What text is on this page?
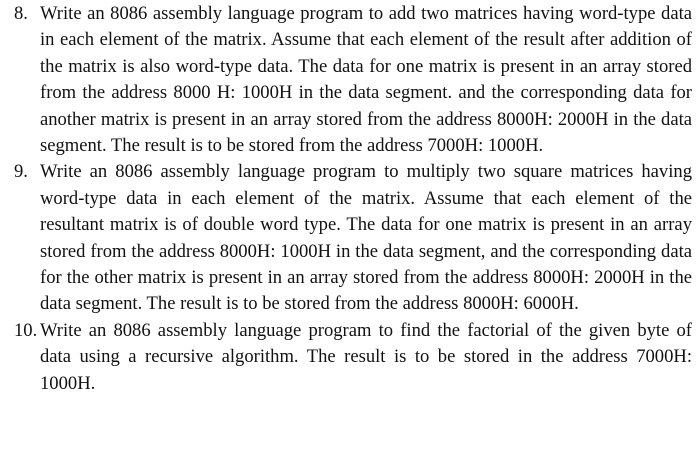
8. Write an 8086 assembly language program to add two matrices having word-type data in each element of the matrix. Assume that each element of the result after addition of the matrix is also word-type data. The data for one matrix is present in an array stored from the address 8000 H: 1000H in the data segment. and the corresponding data for another matrix is present in an array stored from the address 8000H: 2000H in the data segment. The result is to be stored from the address 7000H: 1000H.

9. Write an 8086 assembly language program to multiply two square matrices having word-type data in each element of the matrix. Assume that each element of the resultant matrix is of double word type. The data for one matrix is present in an array stored from the address 8000H: 1000H in the data segment, and the corresponding data for the other matrix is present in an array stored from the address 8000H: 2000H in the data segment. The result is to be stored from the address 8000H: 6000H.

10. Write an 8086 assembly language program to find the factorial of the given byte of data using a recursive algorithm. The result is to be stored in the address 7000H: 1000H.
